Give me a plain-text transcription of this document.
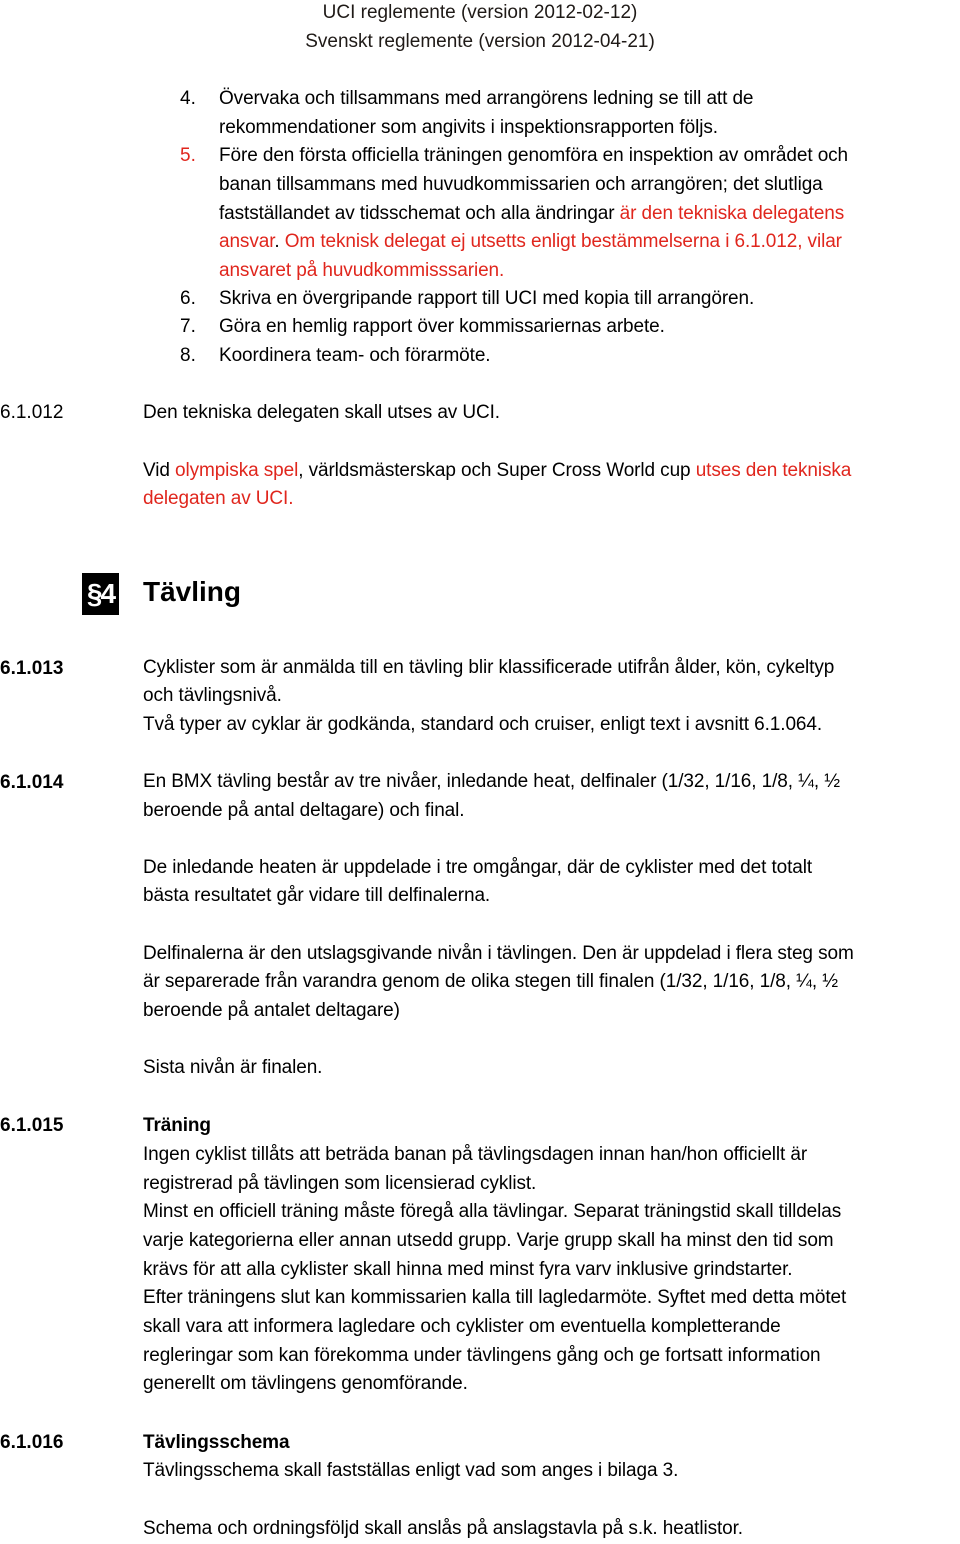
UCI reglemente (version 2012-02-12)
Svenskt reglemente (version 2012-04-21)
4. Övervaka och tillsammans med arrangörens ledning se till att de
rekommendationer som angivits i inspektionsrapporten följs.
5. Före den första officiella träningen genomföra en inspektion av området och
banan tillsammans med huvudkommissarien och arrangören; det slutliga
fastställandet av tidsschemat och alla ändringar är den tekniska delegatens
ansvar. Om teknisk delegat ej utsetts enligt bestämmelserna i 6.1.012, vilar
ansvaret på huvudkommisssarien.
6. Skriva en övergripande rapport till UCI med kopia till arrangören.
7. Göra en hemlig rapport över kommissariernas arbete.
8. Koordinera team- och förarmöte.
6.1.012	Den tekniska delegaten skall utses av UCI.
Vid olympiska spel, världsmästerskap och Super Cross World cup utses den tekniska
delegaten av UCI.
§4 Tävling
6.1.013	Cyklister som är anmälda till en tävling blir klassificerade utifrån ålder, kön, cykeltyp
och tävlingsnivå.
Två typer av cyklar är godkända, standard och cruiser, enligt text i avsnitt 6.1.064.
6.1.014	En BMX tävling består av tre nivåer, inledande heat, delfinaler (1/32, 1/16, 1/8, ¼, ½
beroende på antal deltagare) och final.
De inledande heaten är uppdelade i tre omgångar, där de cyklister med det totalt
bästa resultatet går vidare till delfinalerna.
Delfinalerna är den utslagsgivande nivån i tävlingen. Den är uppdelad i flera steg som
är separerade från varandra genom de olika stegen till finalen (1/32, 1/16, 1/8, ¼, ½
beroende på antalet deltagare)
Sista nivån är finalen.
6.1.015	Träning
Ingen cyklist tillåts att beträda banan på tävlingsdagen innan han/hon officiellt är
registrerad på tävlingen som licensierad cyklist.
Minst en officiell träning måste föregå alla tävlingar. Separat träningstid skall tilldelas
varje kategorierna eller annan utsedd grupp. Varje grupp skall ha minst den tid som
krävs för att alla cyklister skall hinna med minst fyra varv inklusive grindstarter.
Efter träningens slut kan kommissarien kalla till lagledarmöte. Syftet med detta mötet
skall vara att informera lagledare och cyklister om eventuella kompletterande
regleringar som kan förekomma under tävlingens gång och ge fortsatt information
generellt om tävlingens genomförande.
6.1.016	Tävlingsschema
Tävlingsschema skall fastställas enligt vad som anges i bilaga 3.
Schema och ordningsföljd skall anslås på anslagstavla på s.k. heatlistor.
